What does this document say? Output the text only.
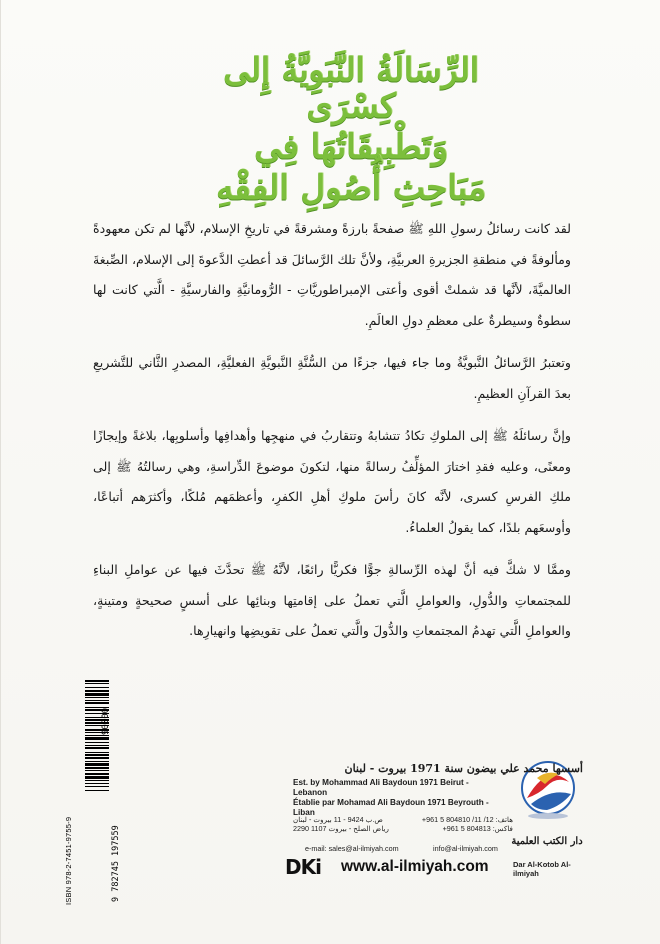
الرِّسَالَةُ النَّبَوِيَّةُ إِلى كِسْرَى
وَتَطْبِيقَاتُهَا فِي
مَبَاحِثِ أُصُولِ الفِقْهِ

لقد كانت رسائلُ رسولِ اللهِ ﷺ صفحةً بارزةً ومشرقةً في تاريخِ الإسلام، لأنَّها لم تكن معهودةً ومألوفةً في منطقةِ الجزيرةِ العربيَّةِ، ولأنَّ تلك الرَّسائلَ قد أعطتِ الدَّعوةَ إلى الإسلام، الصِّبغةَ العالميَّةَ، لأنَّها قد شملتْ أقوى وأعتى الإمبراطوريَّاتِ - الرُّومانيَّةِ والفارسيَّةِ - الَّتي كانت لها سطوةٌ وسيطرةٌ على معظمِ دولِ العالَمِ.

وتعتبرُ الرَّسائلُ النَّبويَّةُ وما جاء فيها، جزءًا من السُّنَّةِ النَّبويَّةِ الفعليَّةِ، المصدرِ الثَّاني للتَّشريعِ بعدَ القرآنِ العظيمِ.

وإنَّ رسائلَهُ ﷺ إلى الملوكِ تكادُ تتشابهُ وتتقاربُ في منهجِها وأهدافِها وأسلوبِها، بلاغةً وإيجازًا ومعنًى، وعليه فقدِ اختارَ المؤلِّفُ رسالةً منها، لتكونَ موضوعَ الدِّراسةِ، وهي رسالتُهُ ﷺ إلى ملكِ الفرسِ كسرى، لأنَّه كانَ رأسَ ملوكِ أهلِ الكفرِ، وأعظمَهم مُلكًا، وأكثرَهم أتباعًا، وأوسعَهم بلدًا، كما يقولُ العلماءُ.

وممَّا لا شكَّ فيه أنَّ لهذه الرِّسالةِ جوًّا فكريًّا رائعًا، لأنَّهُ ﷺ تحدَّثَ فيها عن عواملِ البناءِ للمجتمعاتِ والدُّولِ، والعواملِ الَّتي تعملُ على إقامتِها وبنائِها على أسسٍ صحيحةٍ ومتينةٍ، والعواملِ الَّتي تهدمُ المجتمعاتِ والدُّولَ والَّتي تعملُ على تقويضِها وانهيارِها.

9 782745 197559
ISBN 978-2-7451-9755-9
90000
دار الكتب العلمية
أسسها محمد علي بيضون سنة 1971 بيروت - لبنان
Est. by Mohammad Ali Baydoun 1971 Beirut - Lebanon
Établie par Mohamad Ali Baydoun 1971 Beyrouth - Liban
هاتف: 12/ 11/ 804810 5 961+
فاكس: 804813 5 961+
ص.ب 9424 - 11 بيروت - لبنان
رياض الصلح - بيروت 1107 2290
e-mail: sales@al-ilmiyah.com	info@al-ilmiyah.com
DKi www.al-ilmiyah.com	Dar Al-Kotob Al-ilmiyah
